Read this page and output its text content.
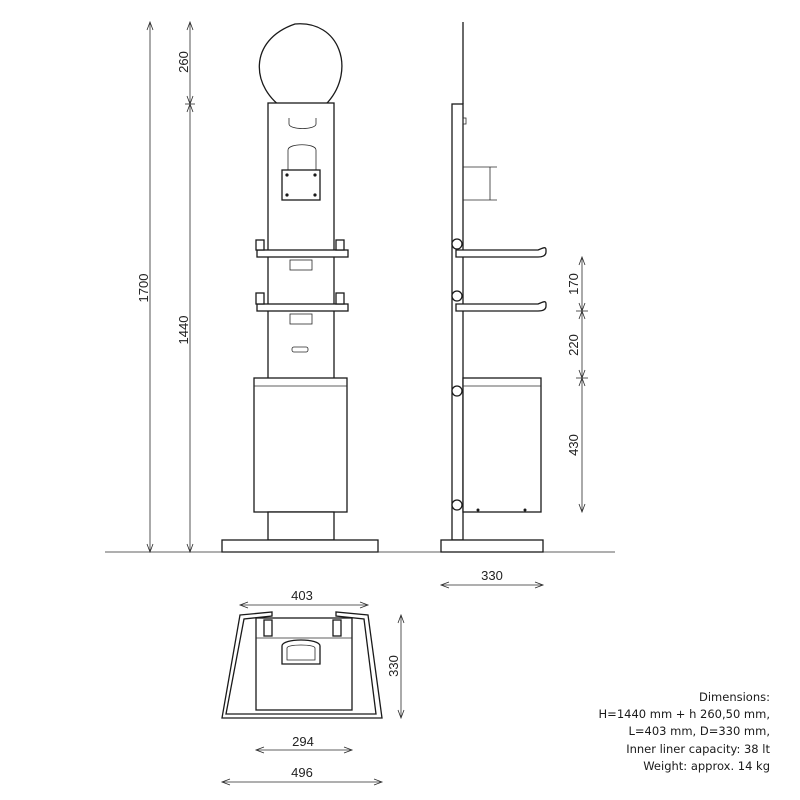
1700
1440
260
170
220
430
330
403
330
294
496
Dimensions:
H=1440 mm + h 260,50 mm,
L=403 mm, D=330 mm,
Inner liner capacity: 38 lt
Weight: approx. 14 kg
